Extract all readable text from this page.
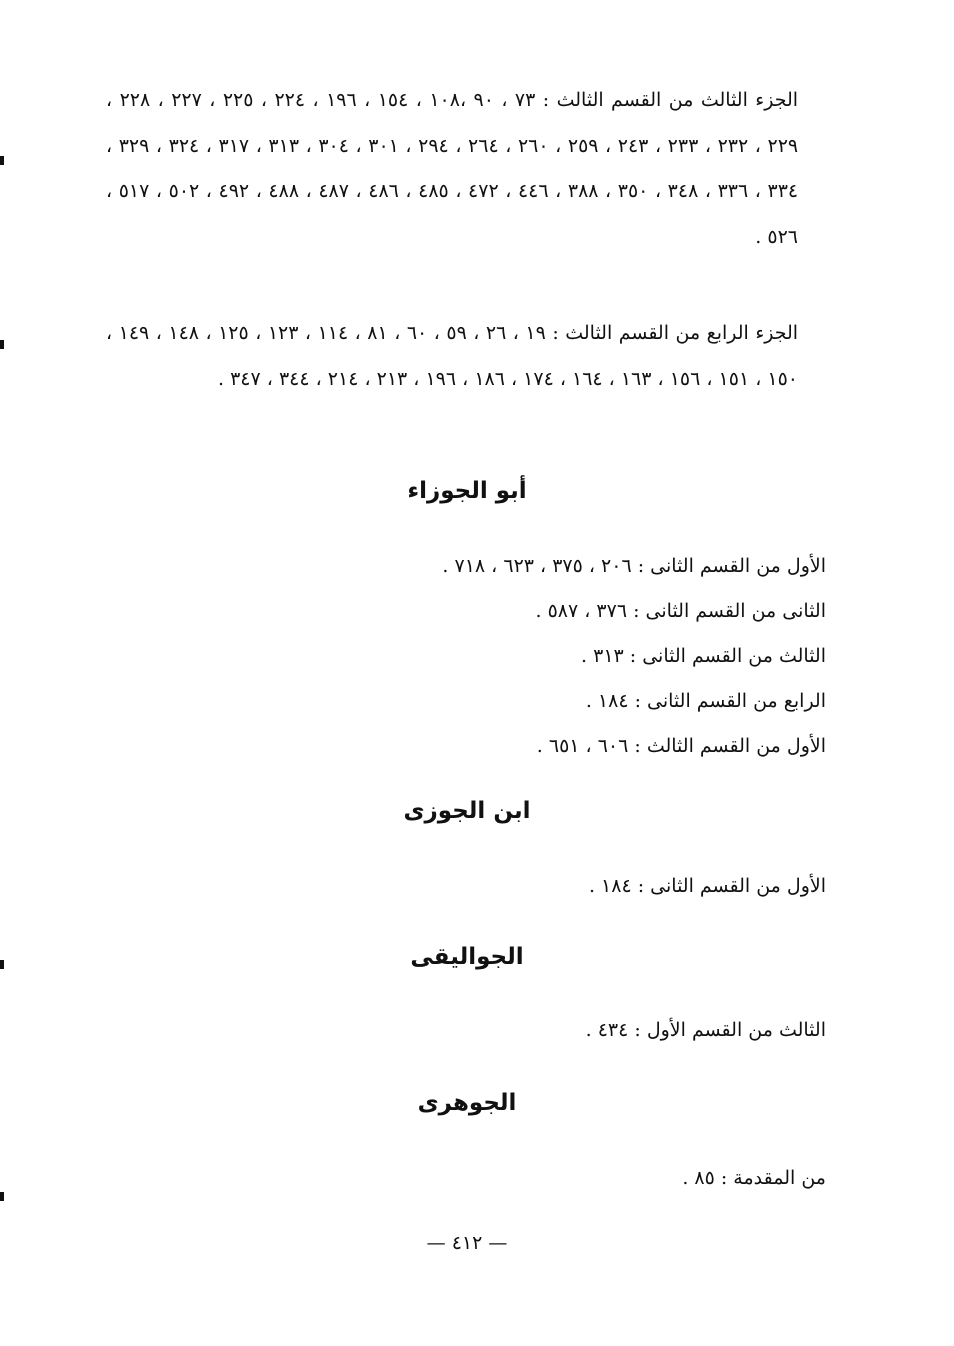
الجزء الثالث من القسم الثالث : ٧٣ ، ٩٠ ،١٠٨ ، ١٥٤ ، ١٩٦ ، ٢٢٤ ، ٢٢٥ ، ٢٢٧ ، ٢٢٨ ، ٢٢٩ ، ٢٣٢ ، ٢٣٣ ، ٢٤٣ ، ٢٥٩ ، ٢٦٠ ، ٢٦٤ ، ٢٩٤ ، ٣٠١ ، ٣٠٤ ، ٣١٣ ، ٣١٧ ، ٣٢٤ ، ٣٢٩ ، ٣٣٤ ، ٣٣٦ ، ٣٤٨ ، ٣٥٠ ، ٣٨٨ ، ٤٤٦ ، ٤٧٢ ، ٤٨٥ ، ٤٨٦ ، ٤٨٧ ، ٤٨٨ ، ٤٩٢ ، ٥٠٢ ، ٥١٧ ، ٥٢٦ .
الجزء الرابع من القسم الثالث : ١٩ ، ٢٦ ، ٥٩ ، ٦٠ ، ٨١ ، ١١٤ ، ١٢٣ ، ١٢٥ ، ١٤٨ ، ١٤٩ ، ١٥٠ ، ١٥١ ، ١٥٦ ، ١٦٣ ، ١٦٤ ، ١٧٤ ، ١٨٦ ، ١٩٦ ، ٢١٣ ، ٢١٤ ، ٣٤٤ ، ٣٤٧ .
أبو الجوزاء
الأول من القسم الثانى : ٢٠٦ ، ٣٧٥ ، ٦٢٣ ، ٧١٨ .
الثانى من القسم الثانى : ٣٧٦ ، ٥٨٧ .
الثالث من القسم الثانى : ٣١٣ .
الرابع من القسم الثانى : ١٨٤ .
الأول من القسم الثالث : ٦٠٦ ، ٦٥١ .
ابن الجوزى
الأول من القسم الثانى : ١٨٤ .
الجواليقى
الثالث من القسم الأول : ٤٣٤ .
الجوهرى
من المقدمة : ٨٥ .
— ٤١٢ —
